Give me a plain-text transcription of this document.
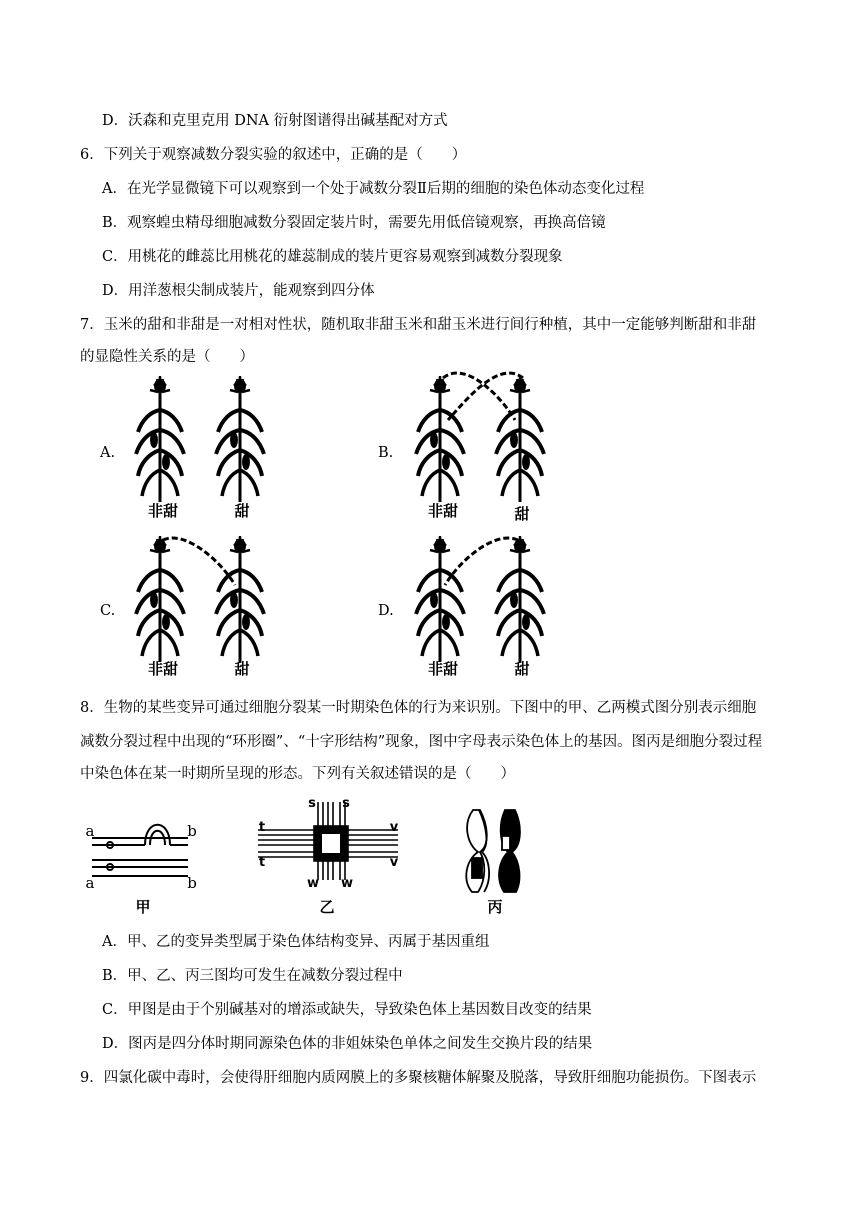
D．沃森和克里克用 DNA 衍射图谱得出碱基配对方式
6．下列关于观察减数分裂实验的叙述中，正确的是（　　）
A．在光学显微镜下可以观察到一个处于减数分裂Ⅱ后期的细胞的染色体动态变化过程
B．观察蝗虫精母细胞减数分裂固定装片时，需要先用低倍镜观察，再换高倍镜
C．用桃花的雌蕊比用桃花的雄蕊制成的装片更容易观察到减数分裂现象
D．用洋葱根尖制成装片，能观察到四分体
7．玉米的甜和非甜是一对相对性状，随机取非甜玉米和甜玉米进行间行种植，其中一定能够判断甜和非甜
的显隐性关系的是（　　）
A.	B.
C.	D.
非甜	甜	非甜	甜
非甜	甜	非甜	甜
8．生物的某些变异可通过细胞分裂某一时期染色体的行为来识别。下图中的甲、乙两模式图分别表示细胞
减数分裂过程中出现的“环形圈”、“十字形结构”现象，图中字母表示染色体上的基因。图丙是细胞分裂过程
中染色体在某一时期所呈现的形态。下列有关叙述错误的是（　　）
a	b
a	b
s s
t
t
v
v
w w
甲	乙	丙
A．甲、乙的变异类型属于染色体结构变异、丙属于基因重组
B．甲、乙、丙三图均可发生在减数分裂过程中
C．甲图是由于个别碱基对的增添或缺失，导致染色体上基因数目改变的结果
D．图丙是四分体时期同源染色体的非姐妹染色单体之间发生交换片段的结果
9．四氯化碳中毒时，会使得肝细胞内质网膜上的多聚核糖体解聚及脱落，导致肝细胞功能损伤。下图表示
